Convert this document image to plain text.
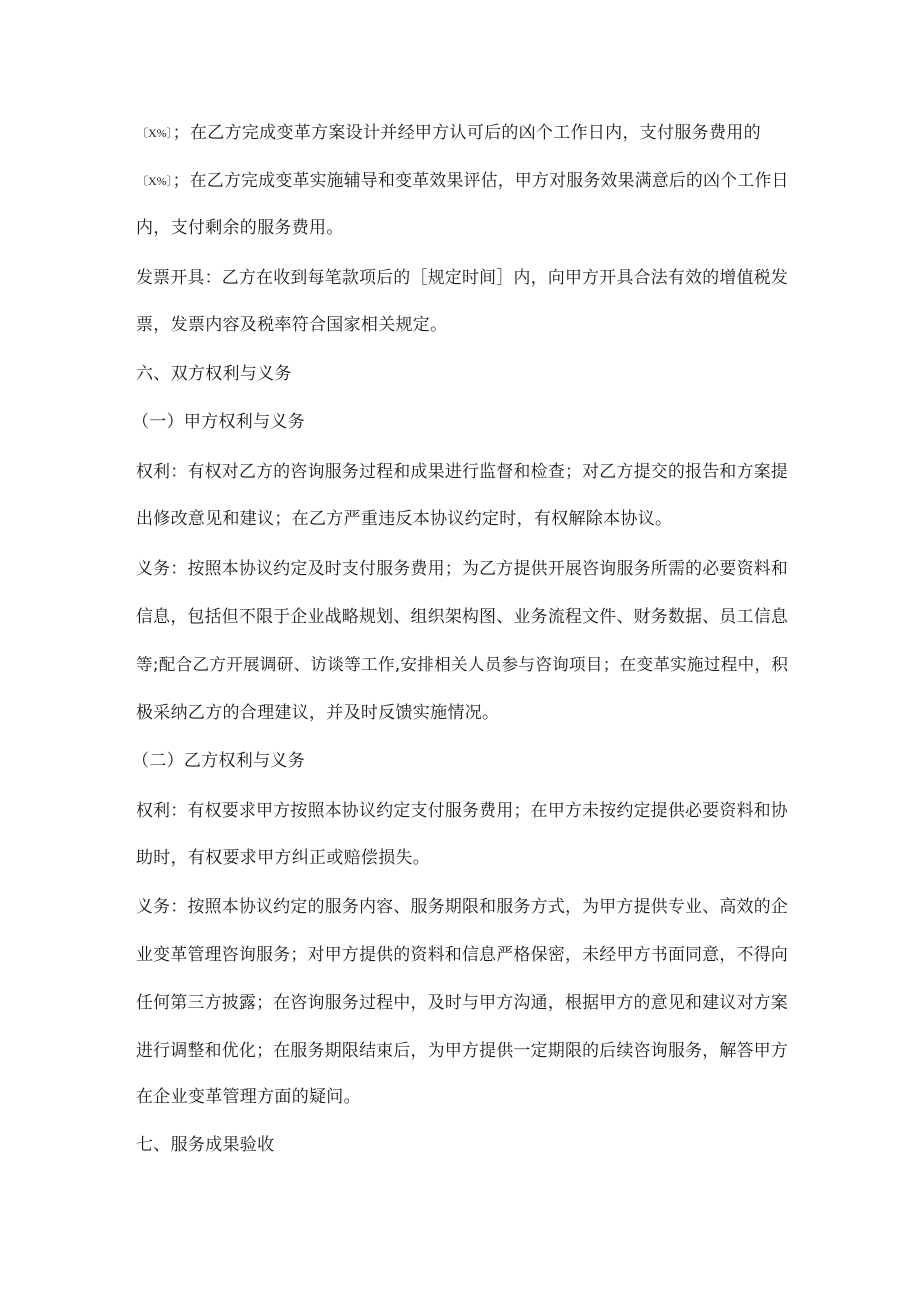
〔X%〕；在乙方完成变革方案设计并经甲方认可后的凶个工作日内，支付服务费用的
〔X%〕；在乙方完成变革实施辅导和变革效果评估，甲方对服务效果满意后的凶个工作日
内，支付剩余的服务费用。
发票开具：乙方在收到每笔款项后的［规定时间］内，向甲方开具合法有效的增值税发
票，发票内容及税率符合国家相关规定。
六、双方权利与义务
（一）甲方权利与义务
权利：有权对乙方的咨询服务过程和成果进行监督和检查；对乙方提交的报告和方案提
出修改意见和建议；在乙方严重违反本协议约定时，有权解除本协议。
义务：按照本协议约定及时支付服务费用；为乙方提供开展咨询服务所需的必要资料和
信息，包括但不限于企业战略规划、组织架构图、业务流程文件、财务数据、员工信息
等;配合乙方开展调研、访谈等工作,安排相关人员参与咨询项目；在变革实施过程中，积
极采纳乙方的合理建议，并及时反馈实施情况。
（二）乙方权利与义务
权利：有权要求甲方按照本协议约定支付服务费用；在甲方未按约定提供必要资料和协
助时，有权要求甲方纠正或赔偿损失。
义务：按照本协议约定的服务内容、服务期限和服务方式，为甲方提供专业、高效的企
业变革管理咨询服务；对甲方提供的资料和信息严格保密，未经甲方书面同意，不得向
任何第三方披露；在咨询服务过程中，及时与甲方沟通，根据甲方的意见和建议对方案
进行调整和优化；在服务期限结束后，为甲方提供一定期限的后续咨询服务，解答甲方
在企业变革管理方面的疑问。
七、服务成果验收
